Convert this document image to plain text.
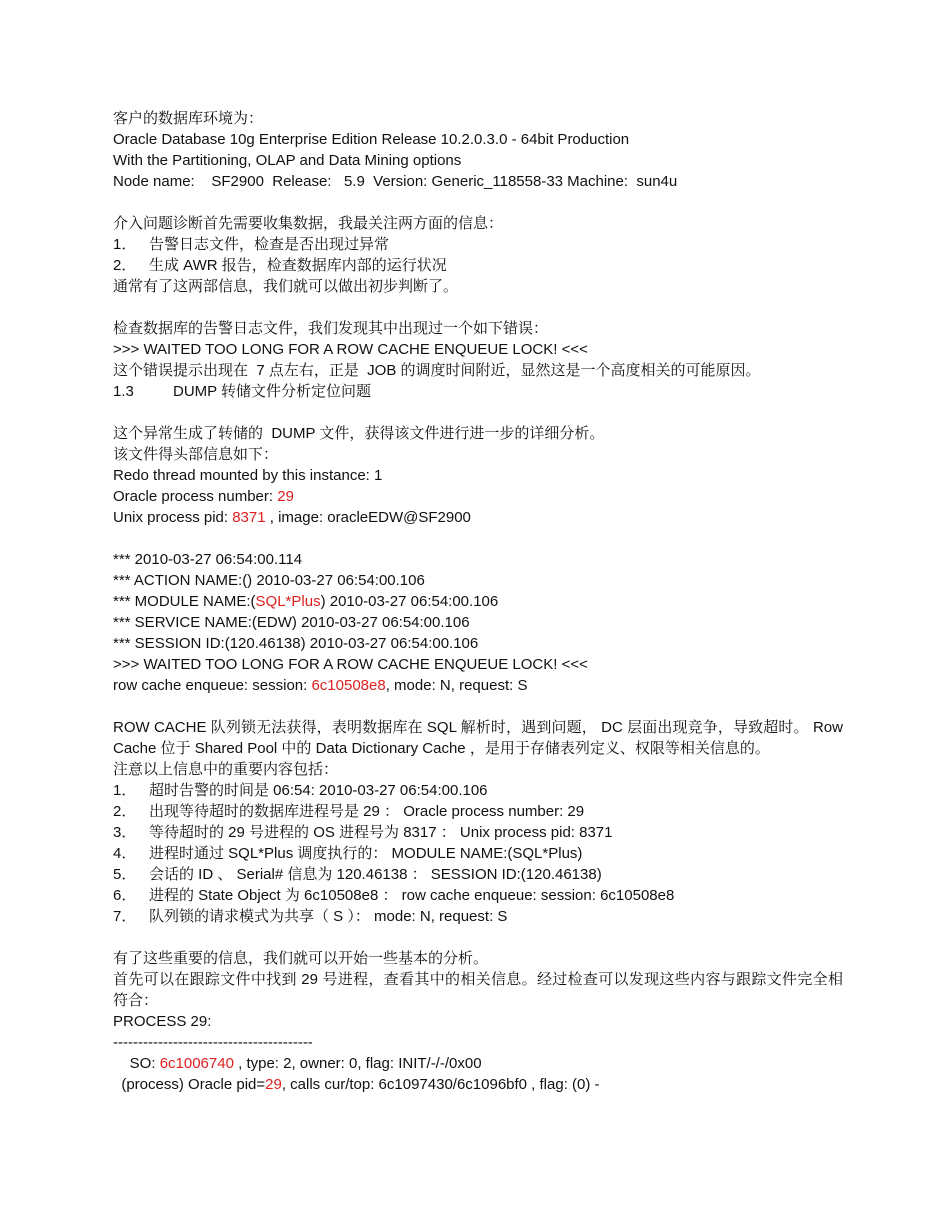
客户的数据库环境为：
Oracle Database 10g Enterprise Edition Release 10.2.0.3.0 - 64bit Production
With the Partitioning, OLAP and Data Mining options
Node name:    SF2900  Release:   5.9  Version: Generic_118558-33 Machine:  sun4u
介入问题诊断首先需要收集数据，我最关注两方面的信息：
1． 告警日志文件，检查是否出现过异常
2． 生成 AWR 报告，检查数据库内部的运行状况
通常有了这两部信息，我们就可以做出初步判断了。
检查数据库的告警日志文件，我们发现其中出现过一个如下错误：
>>> WAITED TOO LONG FOR A ROW CACHE ENQUEUE LOCK! <<<
这个错误提示出现在  7 点左右，正是  JOB 的调度时间附近，显然这是一个高度相关的可能原因。
1.3	DUMP 转储文件分析定位问题
这个异常生成了转储的  DUMP 文件，获得该文件进行进一步的详细分析。
该文件得头部信息如下：
Redo thread mounted by this instance: 1
Oracle process number: 29
Unix process pid: 8371 , image: oracleEDW@SF2900
*** 2010-03-27 06:54:00.114
*** ACTION NAME:() 2010-03-27 06:54:00.106
*** MODULE NAME:(SQL*Plus) 2010-03-27 06:54:00.106
*** SERVICE NAME:(EDW) 2010-03-27 06:54:00.106
*** SESSION ID:(120.46138) 2010-03-27 06:54:00.106
>>> WAITED TOO LONG FOR A ROW CACHE ENQUEUE LOCK! <<<
row cache enqueue: session: 6c10508e8, mode: N, request: S
ROW CACHE 队列锁无法获得，表明数据库在 SQL 解析时，遇到问题， DC 层面出现竞争，导致超时。 Row Cache 位于 Shared Pool 中的 Data Dictionary Cache ，是用于存储表列定义、权限等相关信息的。
注意以上信息中的重要内容包括：
1． 超时告警的时间是 06:54: 2010-03-27 06:54:00.106
2． 出现等待超时的数据库进程号是 29 ： Oracle process number: 29
3． 等待超时的 29 号进程的 OS 进程号为 8317 ： Unix process pid: 8371
4． 进程时通过 SQL*Plus 调度执行的： MODULE NAME:(SQL*Plus)
5． 会话的 ID 、 Serial# 信息为 120.46138 ： SESSION ID:(120.46138)
6． 进程的 State Object 为 6c10508e8 ： row cache enqueue: session: 6c10508e8
7． 队列锁的请求模式为共享（ S ）： mode: N, request: S
有了这些重要的信息，我们就可以开始一些基本的分析。
首先可以在跟踪文件中找到 29 号进程，查看其中的相关信息。经过检查可以发现这些内容与跟踪文件完全相符合：
PROCESS 29:
----------------------------------------
SO: 6c1006740 , type: 2, owner: 0, flag: INIT/-/-/0x00
(process) Oracle pid=29, calls cur/top: 6c1097430/6c1096bf0 , flag: (0) -
